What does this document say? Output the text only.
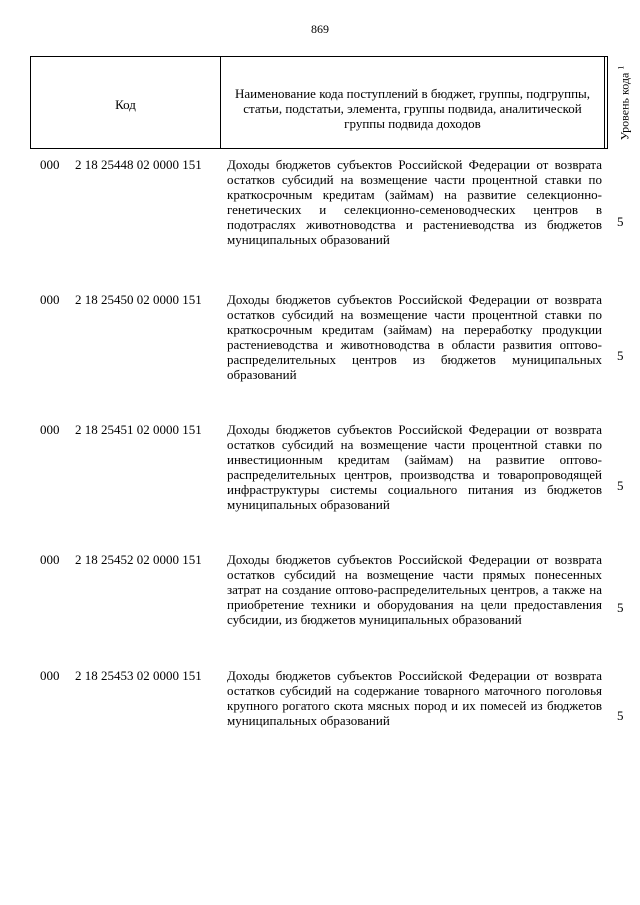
869
Код
Наименование кода поступлений в бюджет, группы, подгруппы, статьи, подстатьи, элемента, группы подвида, аналитической группы подвида доходов	Уровень кода $^1$
000 2 18 25448 02 0000 151 Доходы бюджетов субъектов Российской Федерации от возврата остатков субсидий на возмещение части процентной ставки по краткосрочным кредитам (займам) на развитие селекционно-генетических и селекционно-семеноводческих центров в подотраслях животноводства и растениеводства из бюджетов муниципальных образований
5
000 2 18 25450 02 0000 151 Доходы бюджетов субъектов Российской Федерации от возврата остатков субсидий на возмещение части процентной ставки по краткосрочным кредитам (займам) на переработку продукции растениеводства и животноводства в области развития оптово-распределительных центров из бюджетов муниципальных образований
5
000 2 18 25451 02 0000 151 Доходы бюджетов субъектов Российской Федерации от возврата остатков субсидий на возмещение части процентной ставки по инвестиционным кредитам (займам) на развитие оптово-распределительных центров, производства и товаропроводящей инфраструктуры системы социального питания из бюджетов муниципальных образований
5
000 2 18 25452 02 0000 151 Доходы бюджетов субъектов Российской Федерации от возврата остатков субсидий на возмещение части прямых понесенных затрат на создание оптово-распределительных центров, а также на приобретение техники и оборудования на цели предоставления субсидии, из бюджетов муниципальных образований
5
000 2 18 25453 02 0000 151 Доходы бюджетов субъектов Российской Федерации от возврата остатков субсидий на содержание товарного маточного поголовья крупного рогатого скота мясных пород и их помесей из бюджетов муниципальных образований	5
